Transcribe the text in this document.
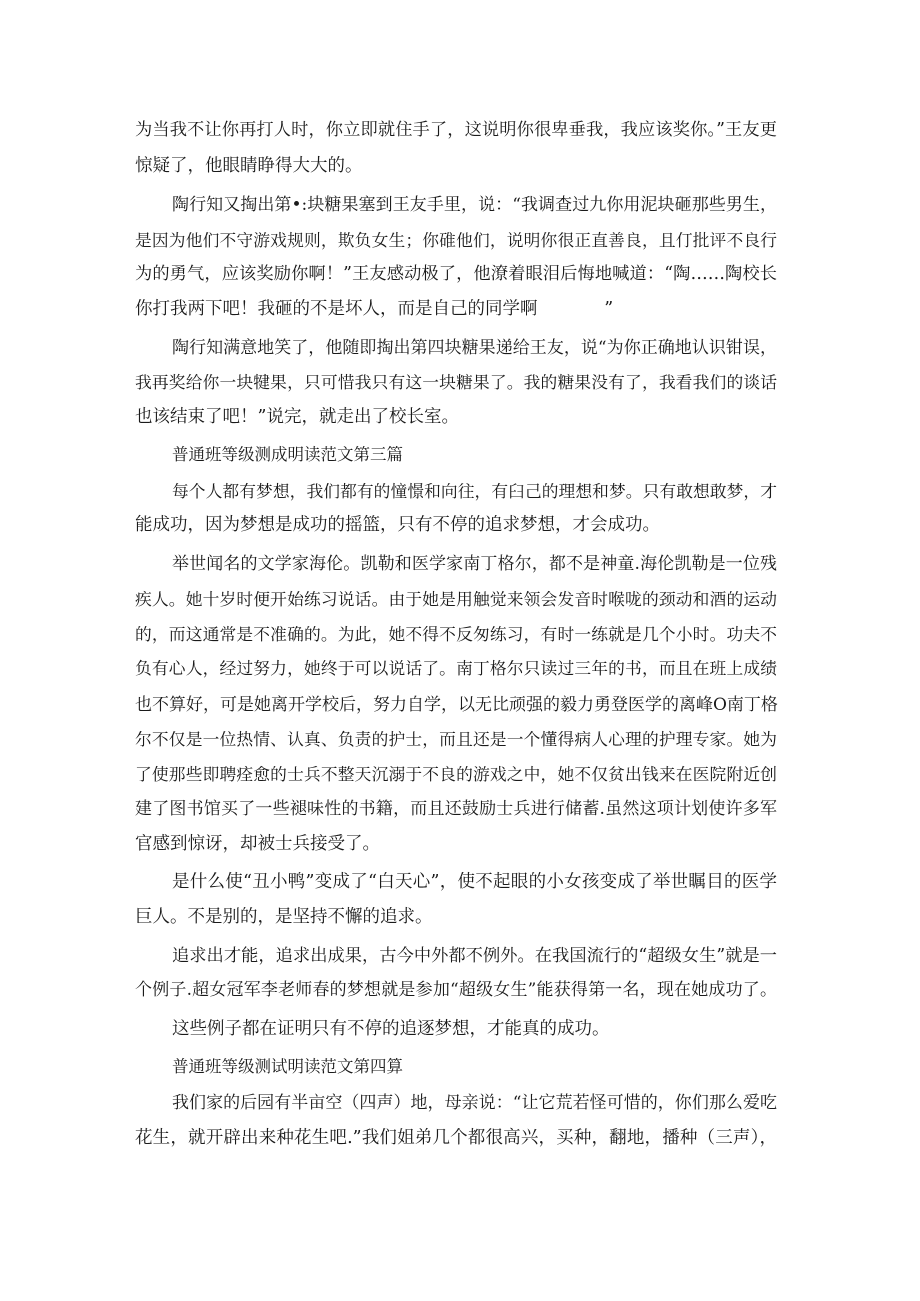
为当我不让你再打人时，你立即就住手了，这说明你很卑垂我，我应该奖你。”王友更
惊疑了，他眼睛睁得大大的。
陶行知又掏出第•:块糖果塞到王友手里，说：“我调查过九你用泥块砸那些男生，
是因为他们不守游戏规则，欺负女生；你碓他们，说明你很正直善良，且仃批评不良行
为的勇气，应该奖励你啊！”王友感动极了，他潦着眼泪后悔地喊道：“陶……陶校长
你打我两下吧！我砸的不是坏人，而是自己的同学啊            ”
陶行知满意地笑了，他随即掏出第四块糖果递给王友，说“为你正确地认识钳误，
我再奖给你一块犍果，只可惜我只有这一块糖果了。我的糖果没有了，我看我们的谈话
也该结束了吧！”说完，就走出了校长室。
普通班等级测成明读范文第三篇
每个人都有梦想，我们都有的憧憬和向往，有臼己的理想和梦。只有敢想敢梦，才
能成功，因为梦想是成功的摇篮，只有不停的追求梦想，才会成功。
举世闻名的文学家海伦。凯勒和医学家南丁格尔，都不是神童.海伦凯勒是一位残
疾人。她十岁时便开始练习说话。由于她是用触觉来领会发音时喉咙的颈动和酒的运动
的，而这通常是不准确的。为此，她不得不反匆练习，有时一练就是几个小时。功夫不
负有心人，经过努力，她终于可以说话了。南丁格尔只读过三年的书，而且在班上成绩
也不算好，可是她离开学校后，努力自学，以无比顽强的毅力勇登医学的离峰O南丁格
尔不仅是一位热情、认真、负责的护士，而且还是一个懂得病人心理的护理专家。她为
了使那些即聘痊愈的士兵不整天沉溺于不良的游戏之中，她不仅贫出钱来在医院附近创
建了图书馆买了一些褪味性的书籍，而且还鼓励士兵进行储蓄.虽然这项计划使许多军
官感到惊讶，却被士兵接受了。
是什么使“丑小鸭”变成了“白天心”，使不起眼的小女孩变成了举世瞩目的医学
巨人。不是别的，是坚持不懈的追求。
追求出才能，追求出成果，古今中外都不例外。在我国流行的“超级女生”就是一
个例子.超女冠军李老师春的梦想就是参加“超级女生”能获得第一名，现在她成功了。
这些例子都在证明只有不停的追逐梦想，才能真的成功。
普通班等级测试明读范文第四算
我们家的后园有半亩空（四声）地，母亲说：“让它荒若怪可惜的，你们那么爱吃
花生，就开辟出来种花生吧.”我们姐弟几个都很高兴，买种，翻地，播种（三声），
